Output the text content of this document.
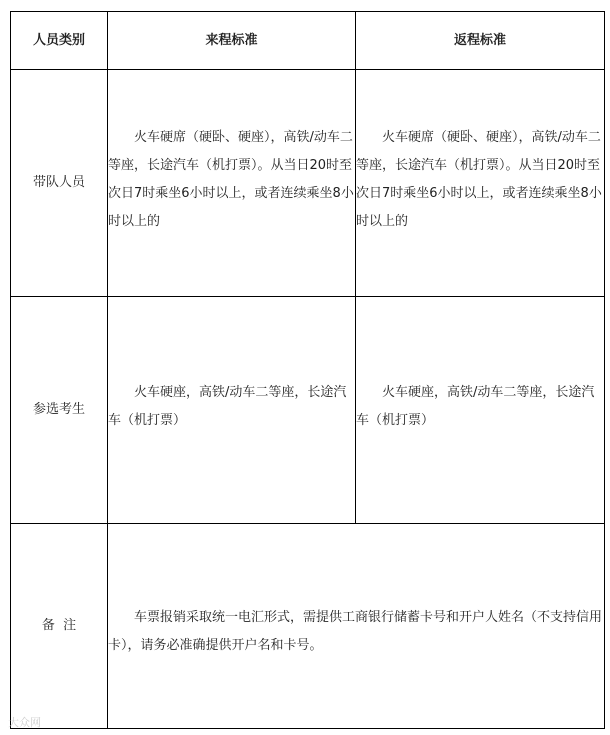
人员类别	来程标准	返程标准
带队人员	火车硬席（硬卧、硬座），高铁/动车二等座，长途汽车（机打票）。从当日20时至次日7时乘坐6小时以上，或者连续乘坐8小时以上的	火车硬席（硬卧、硬座），高铁/动车二等座，长途汽车（机打票）。从当日20时至次日7时乘坐6小时以上，或者连续乘坐8小时以上的

参选考生	火车硬座，高铁/动车二等座，长途汽车（机打票）	火车硬座，高铁/动车二等座，长途汽车（机打票）

备  注	车票报销采取统一电汇形式，需提供工商银行储蓄卡号和开户人姓名（不支持信用卡），请务必准确提供开户名和卡号。	
大众网
